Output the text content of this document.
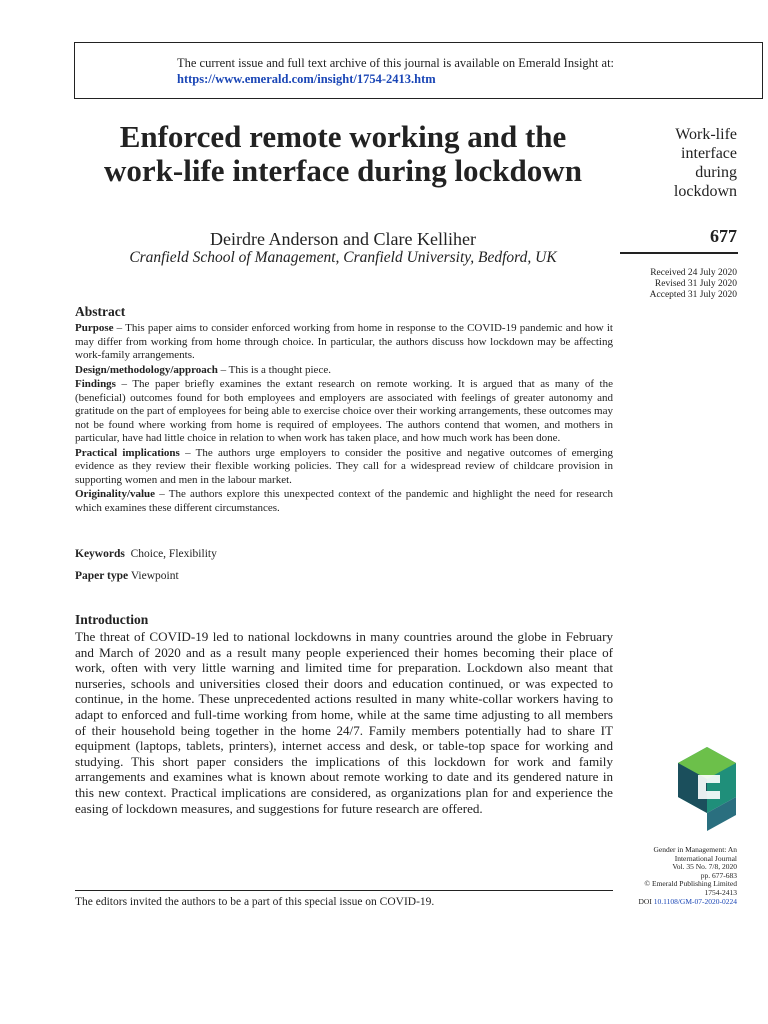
The current issue and full text archive of this journal is available on Emerald Insight at:
https://www.emerald.com/insight/1754-2413.htm
Enforced remote working and the work-life interface during lockdown
Deirdre Anderson and Clare Kelliher
Cranfield School of Management, Cranfield University, Bedford, UK
Work-life
interface
during
lockdown
677
Received 24 July 2020
Revised 31 July 2020
Accepted 31 July 2020
Abstract

Purpose – This paper aims to consider enforced working from home in response to the COVID-19 pandemic and how it may differ from working from home through choice. In particular, the authors discuss how lockdown may be affecting work-family arrangements.

Design/methodology/approach – This is a thought piece.

Findings – The paper briefly examines the extant research on remote working. It is argued that as many of the (beneficial) outcomes found for both employees and employers are associated with feelings of greater autonomy and gratitude on the part of employees for being able to exercise choice over their working arrangements, these outcomes may not be found where working from home is required of employees. The authors contend that women, and mothers in particular, have had little choice in relation to when work has taken place, and how much work has been done.

Practical implications – The authors urge employers to consider the positive and negative outcomes of emerging evidence as they review their flexible working policies. They call for a widespread review of childcare provision in supporting women and men in the labour market.

Originality/value – The authors explore this unexpected context of the pandemic and highlight the need for research which examines these different circumstances.

Keywords Choice, Flexibility
Paper type Viewpoint
Introduction

The threat of COVID-19 led to national lockdowns in many countries around the globe in February and March of 2020 and as a result many people experienced their homes becoming their place of work, often with very little warning and limited time for preparation. Lockdown also meant that nurseries, schools and universities closed their doors and education continued, or was expected to continue, in the home. These unprecedented actions resulted in many white-collar workers having to adapt to enforced and full-time working from home, while at the same time adjusting to all members of their household being together in the home 24/7. Family members potentially had to share IT equipment (laptops, tablets, printers), internet access and desk, or table-top space for working and studying. This short paper considers the implications of this lockdown for work and family arrangements and examines what is known about remote working to date and its gendered nature in this new context. Practical implications are considered, as organizations plan for and experience the easing of lockdown measures, and suggestions for future research are offered.

Gender in Management: An
International Journal
Vol. 35 No. 7/8, 2020
pp. 677-683
© Emerald Publishing Limited
1754-2413
DOI 10.1108/GM-07-2020-0224
The editors invited the authors to be a part of this special issue on COVID-19.
